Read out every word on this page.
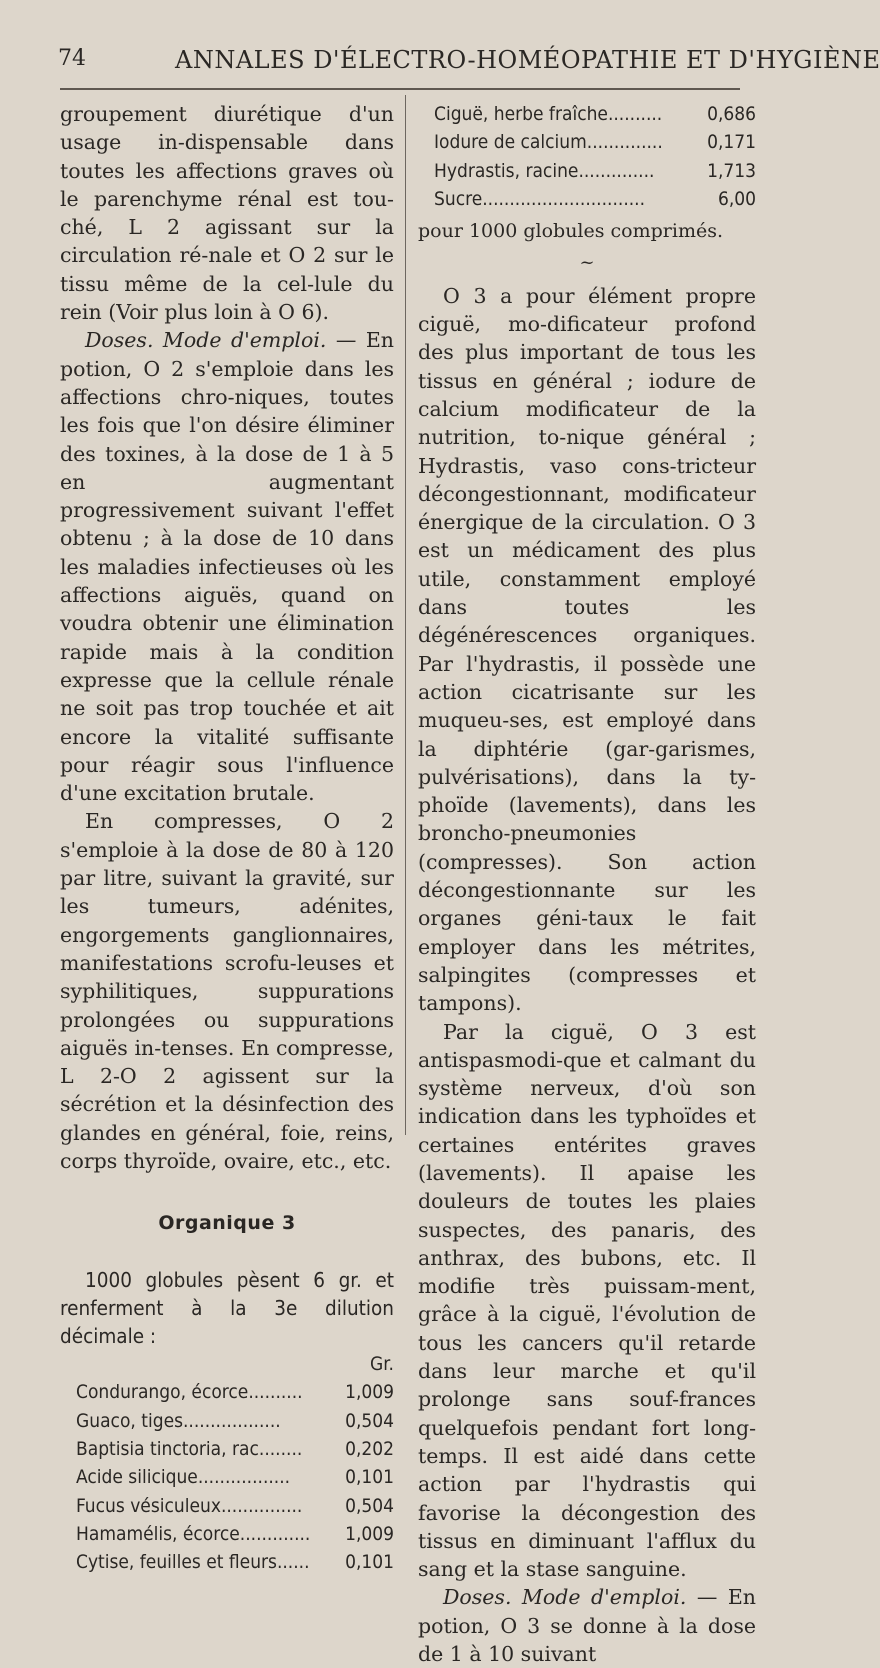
74	ANNALES D'ÉLECTRO-HOMÉOPATHIE ET D'HYGIÈNE

groupement diurétique d'un usage in-dispensable dans toutes les affections graves où le parenchyme rénal est tou-ché, L 2 agissant sur la circulation ré-nale et O 2 sur le tissu même de la cel-lule du rein (Voir plus loin à O 6).

Doses. Mode d'emploi. — En potion, O 2 s'emploie dans les affections chro-niques, toutes les fois que l'on désire éliminer des toxines, à la dose de 1 à 5 en augmentant progressivement suivant l'effet obtenu ; à la dose de 10 dans les maladies infectieuses où les affections aiguës, quand on voudra obtenir une élimination rapide mais à la condition expresse que la cellule rénale ne soit pas trop touchée et ait encore la vitalité suffisante pour réagir sous l'influence d'une excitation brutale.

En compresses, O 2 s'emploie à la dose de 80 à 120 par litre, suivant la gravité, sur les tumeurs, adénites, engorgements ganglionnaires, manifestations scrofu-leuses et syphilitiques, suppurations prolongées ou suppurations aiguës in-tenses. En compresse, L 2-O 2 agissent sur la sécrétion et la désinfection des glandes en général, foie, reins, corps thyroïde, ovaire, etc., etc.

Organique 3

1000 globules pèsent 6 gr. et renferment à la 3e dilution décimale :

Gr.
Condurango, écorce..........	1,009
Guaco, tiges..................	0,504
Baptisia tinctoria, rac........	0,202
Acide silicique.................	0,101
Fucus vésiculeux...............	0,504
Hamamélis, écorce.............	1,009
Cytise, feuilles et fleurs......	0,101
Ciguë, herbe fraîche..........	0,686
Iodure de calcium..............	0,171
Hydrastis, racine..............	1,713
Sucre..............................	6,00

pour 1000 globules comprimés.

~

O 3 a pour élément propre ciguë, mo-dificateur profond des plus important de tous les tissus en général ; iodure de calcium modificateur de la nutrition, to-nique général ; Hydrastis, vaso cons-tricteur décongestionnant, modificateur énergique de la circulation. O 3 est un médicament des plus utile, constamment employé dans toutes les dégénérescences organiques. Par l'hydrastis, il possède une action cicatrisante sur les muqueu-ses, est employé dans la diphtérie (gar-garismes, pulvérisations), dans la ty-phoïde (lavements), dans les broncho-pneumonies (compresses). Son action décongestionnante sur les organes géni-taux le fait employer dans les métrites, salpingites (compresses et tampons).

Par la ciguë, O 3 est antispasmodi-que et calmant du système nerveux, d'où son indication dans les typhoïdes et certaines entérites graves (lavements). Il apaise les douleurs de toutes les plaies suspectes, des panaris, des anthrax, des bubons, etc. Il modifie très puissam-ment, grâce à la ciguë, l'évolution de tous les cancers qu'il retarde dans leur marche et qu'il prolonge sans souf-frances quelquefois pendant fort long-temps. Il est aidé dans cette action par l'hydrastis qui favorise la décongestion des tissus en diminuant l'afflux du sang et la stase sanguine.

Doses. Mode d'emploi. — En potion, O 3 se donne à la dose de 1 à 10 suivant
